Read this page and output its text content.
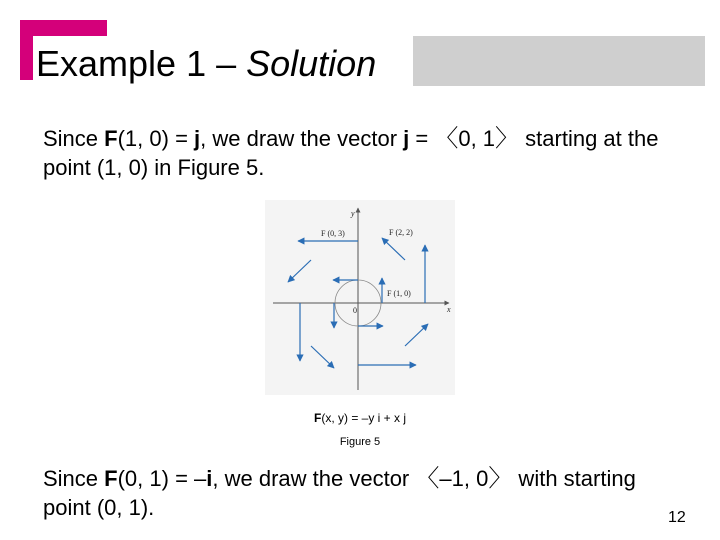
Example 1 – Solution
Since F(1, 0) = j, we draw the vector j = 〈0, 1〉 starting at the point (1, 0) in Figure 5.
y
x
0
F (0, 3)	F (2, 2)
F (1, 0)
F(x, y) = –y i + x j
Figure 5
Since F(0, 1) = –i, we draw the vector 〈–1, 0〉 with starting point (0, 1).	12
